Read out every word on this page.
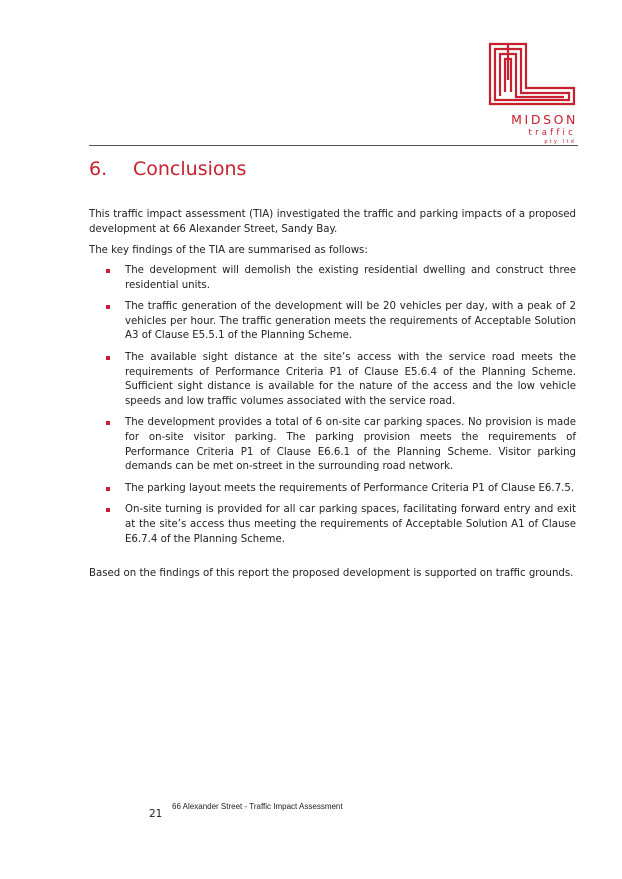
MIDSON
traffic
pty ltd
6. Conclusions

This traffic impact assessment (TIA) investigated the traffic and parking impacts of a proposed development at 66 Alexander Street, Sandy Bay.

The key findings of the TIA are summarised as follows:

The development will demolish the existing residential dwelling and construct three residential units.
The traffic generation of the development will be 20 vehicles per day, with a peak of 2 vehicles per hour. The traffic generation meets the requirements of Acceptable Solution A3 of Clause E5.5.1 of the Planning Scheme.
The available sight distance at the site’s access with the service road meets the requirements of Performance Criteria P1 of Clause E5.6.4 of the Planning Scheme. Sufficient sight distance is available for the nature of the access and the low vehicle speeds and low traffic volumes associated with the service road.
The development provides a total of 6 on-site car parking spaces. No provision is made for on-site visitor parking. The parking provision meets the requirements of Performance Criteria P1 of Clause E6.6.1 of the Planning Scheme. Visitor parking demands can be met on-street in the surrounding road network.
The parking layout meets the requirements of Performance Criteria P1 of Clause E6.7.5.
On-site turning is provided for all car parking spaces, facilitating forward entry and exit at the site’s access thus meeting the requirements of Acceptable Solution A1 of Clause E6.7.4 of the Planning Scheme.

Based on the findings of this report the proposed development is supported on traffic grounds.

21
66 Alexander Street - Traffic Impact Assessment
